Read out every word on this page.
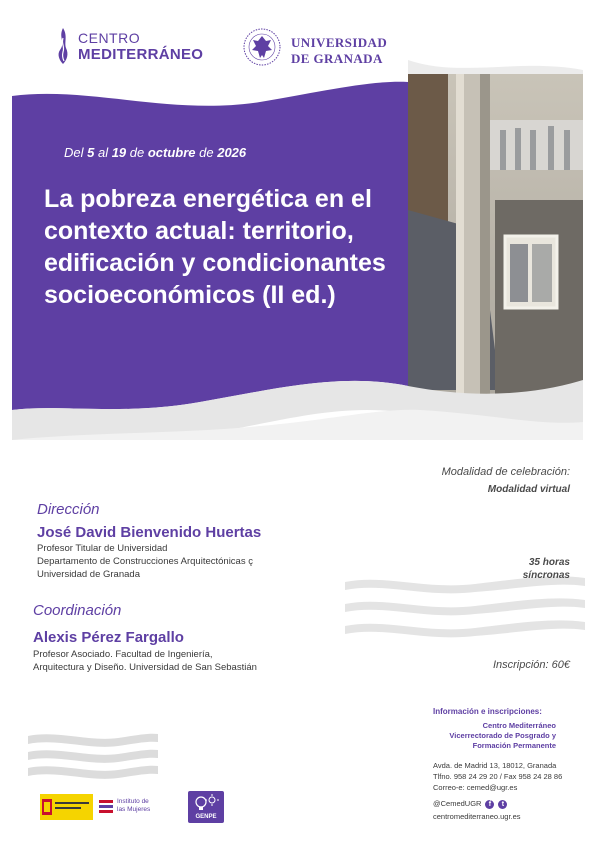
CENTRO
MEDITERRÁNEO
UNIVERSIDAD
DE GRANADA
Del 5 al 19 de octubre de 2026
La pobreza energética en el contexto actual: territorio, edificación y condicionantes socioeconómicos (II ed.)
Modalidad de celebración:
Modalidad virtual
35 horas
síncronas
Inscripción: 60€
Dirección
José David Bienvenido Huertas
Profesor Titular de Universidad
Departamento de Construcciones Arquitectónicas ç
Universidad de Granada
Coordinación
Alexis Pérez Fargallo
Profesor Asociado. Facultad de Ingeniería,
Arquitectura y Diseño. Universidad de San Sebastián
Información e inscripciones:
Centro Mediterráneo
Vicerrectorado de Posgrado y
Formación Permanente
Avda. de Madrid 13, 18012, Granada
Tlfno. 958 24 29 20 / Fax 958 24 28 86
Correo-e: cemed@ugr.es
@CemedUGR	f	t
centromediterraneo.ugr.es
Instituto de
las Mujeres
GENPE
